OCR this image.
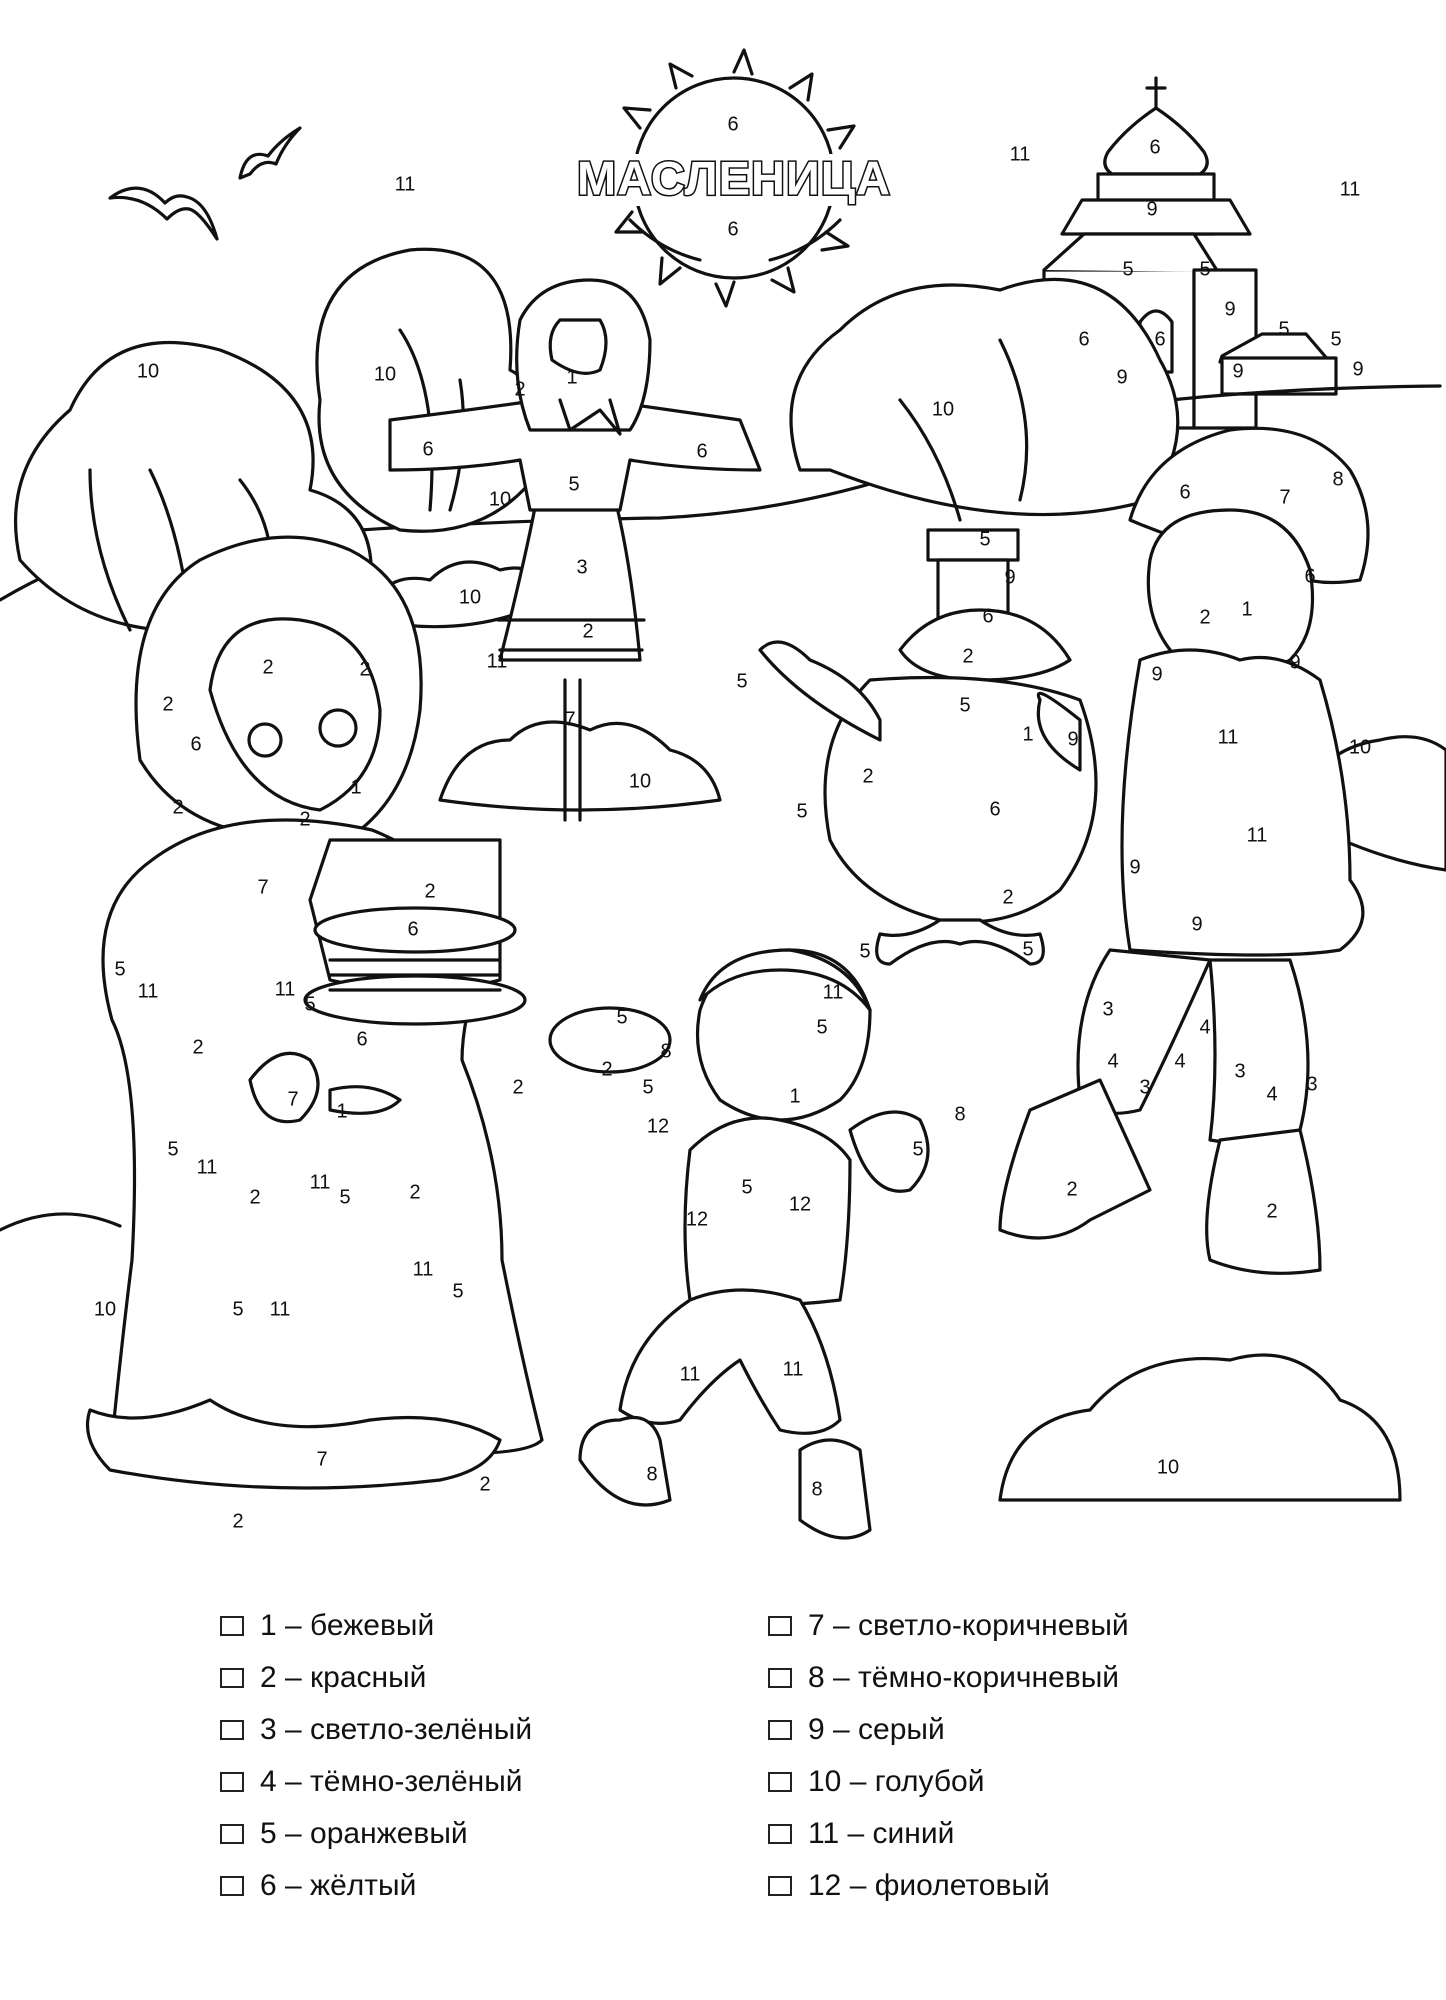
МАСЛЕНИЦА
11
11
11
6
6
6
9
5	5
9
6	6
9
5 5
9	9
10	10
10
10
10
10
10
1
2
6	6
5
10
3
2
11
7
2	2
2
6
2
1
2
2
7
2
5
11	11
5
6
6
2
7
1
10
5
11
2
11
5	2
11
5
5 11
7
2
2
5
9
6
2
5
1
5
2
5	6
2
5
6	7
8
6
1
2
9
9
9	11
11
9
9
3
4
3
4
4
3
4 3
2
2
5
11
5
5
2
8
5	1
12
8
5
5
12
12
11	11
8
8
1 – бежевый
2 – красный
3 – светло-зелёный
4 – тёмно-зелёный
5 – оранжевый
6 – жёлтый
7 – светло-коричневый
8 – тёмно-коричневый
9 – серый
10 – голубой
11 – синий
12 – фиолетовый
